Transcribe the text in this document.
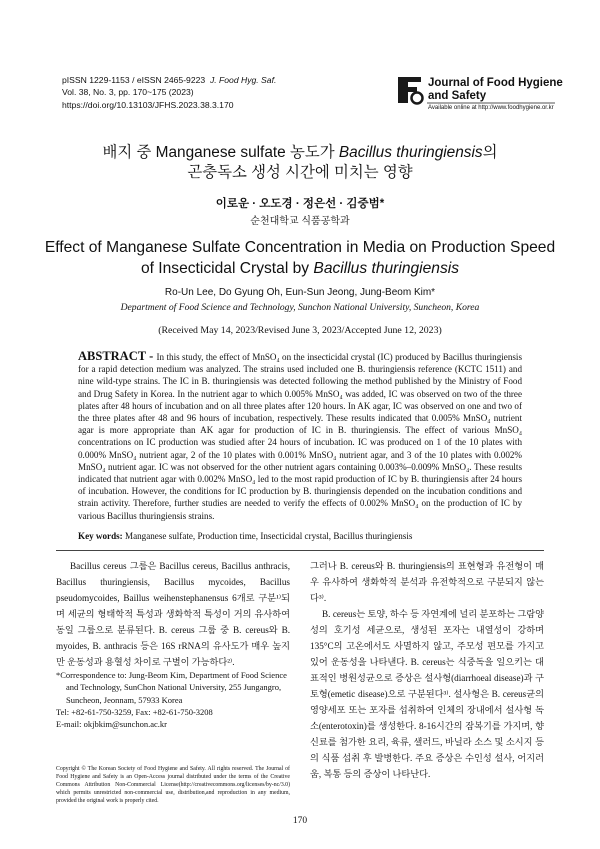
pISSN 1229-1153 / eISSN 2465-9223 J. Food Hyg. Saf.
Vol. 38, No. 3, pp. 170~175 (2023)
https://doi.org/10.13103/JFHS.2023.38.3.170
Journal of Food Hygiene
and Safety
Available online at http://www.foodhygiene.or.kr
배지 중 Manganese sulfate 농도가 Bacillus thuringiensis의
곤충독소 생성 시간에 미치는 영향
이로운 · 오도경 · 정은선 · 김중범*
순천대학교 식품공학과
Effect of Manganese Sulfate Concentration in Media on Production Speed
of Insecticidal Crystal by Bacillus thuringiensis
Ro-Un Lee, Do Gyung Oh, Eun-Sun Jeong, Jung-Beom Kim*
Department of Food Science and Technology, Sunchon National University, Suncheon, Korea
(Received May 14, 2023/Revised June 3, 2023/Accepted June 12, 2023)
ABSTRACT - In this study, the effect of MnSO₄ on the insecticidal crystal (IC) produced by Bacillus thuringiensis for a rapid detection medium was analyzed. The strains used included one B. thuringiensis reference (KCTC 1511) and nine wild-type strains. The IC in B. thuringiensis was detected following the method published by the Ministry of Food and Drug Safety in Korea. In the nutrient agar to which 0.005% MnSO₄ was added, IC was observed on two of the three plates after 48 hours of incubation and on all three plates after 120 hours. In AK agar, IC was observed on one and two of the three plates after 48 and 96 hours of incubation, respectively. These results indicated that 0.005% MnSO₄ nutrient agar is more appropriate than AK agar for production of IC in B. thuringiensis. The effect of various MnSO₄ concentrations on IC production was studied after 24 hours of incubation. IC was produced on 1 of the 10 plates with 0.000% MnSO₄ nutrient agar, 2 of the 10 plates with 0.001% MnSO₄ nutrient agar, and 3 of the 10 plates with 0.002% MnSO₄ nutrient agar. IC was not observed for the other nutrient agars containing 0.003%–0.009% MnSO₄. These results indicated that nutrient agar with 0.002% MnSO₄ led to the most rapid production of IC by B. thuringiensis after 24 hours of incubation. However, the conditions for IC production by B. thuringiensis depended on the incubation conditions and strain activity. Therefore, further studies are needed to verify the effects of 0.002% MnSO₄ on the production of IC by various Bacillus thuringiensis strains.
Key words: Manganese sulfate, Production time, Insecticidal crystal, Bacillus thuringiensis
Bacillus cereus 그룹은 Bacillus cereus, Bacillus anthracis, Bacillus thuringiensis, Bacillus mycoides, Bacillus pseudomycoides, Baillus weihenstephanensus 6개로 구분¹⁾되며 세균의 형태학적 특성과 생화학적 특성이 거의 유사하여 동일 그룹으로 분류된다. B. cereus 그룹 중 B. cereus와 B. myoides, B. anthracis 등은 16S rRNA의 유사도가 매우 높지만 운동성과 용혈성 차이로 구별이 가능하다²⁾.
*Correspondence to: Jung-Beom Kim, Department of Food Science and Technology, SunChon National University, 255 Jungangro, Suncheon, Jeonnam, 57933 Korea
Tel: +82-61-750-3259, Fax: +82-61-750-3208
E-mail: okjbkim@sunchon.ac.kr
Copyright © The Korean Society of Food Hygiene and Safety. All rights reserved. The Journal of Food Hygiene and Safety is an Open-Access journal distributed under the terms of the Creative Commons Attribution Non-Commercial License(http://creativecommons.org/licenses/by-nc/3.0) which permits unrestricted non-commercial use, distribution,and reproduction in any medium, provided the original work is properly cited.

그러나 B. cereus와 B. thuringiensis의 표현형과 유전형이 매우 유사하여 생화학적 분석과 유전학적으로 구분되지 않는다³⁾.

B. cereus는 토양, 하수 등 자연계에 널리 분포하는 그람양성의 호기성 세균으로, 생성된 포자는 내열성이 강하며 135°C의 고온에서도 사멸하지 않고, 주모성 편모를 가지고 있어 운동성을 나타낸다. B. cereus는 식중독을 일으키는 대표적인 병원성균으로 증상은 설사형(diarrhoeal disease)과 구토형(emetic disease)으로 구분된다³⁾. 설사형은 B. cereus균의 영양세포 또는 포자를 섭취하여 인체의 장내에서 설사형 독소(enterotoxin)를 생성한다. 8-16시간의 잠복기를 가지며, 향신료를 첨가한 요리, 육류, 샐러드, 바닐라 소스 및 소시지 등의 식품 섭취 후 발병한다. 주요 증상은 수인성 설사, 어지러움, 복통 등의 증상이 나타난다.

170
